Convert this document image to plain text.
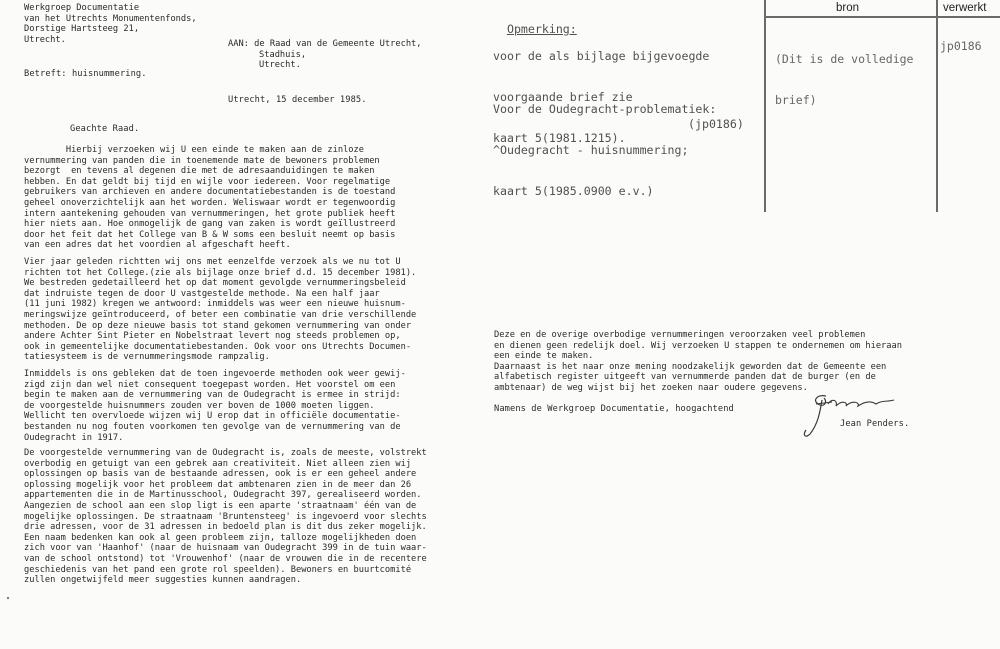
Werkgroep Documentatie
van het Utrechts Monumentenfonds,
Dorstige Hartsteeg 21,
Utrecht.	AAN: de Raad van de Gemeente Utrecht,
Stadhuis,
Utrecht.
Betreft: huisnummering.
Utrecht, 15 december 1985.
Geachte Raad.
Hierbij verzoeken wij U een einde te maken aan de zinloze
vernummering van panden die in toenemende mate de bewoners problemen
bezorgt  en tevens al degenen die met de adresaanduidingen te maken
hebben. En dat geldt bij tijd en wijle voor iedereen. Voor regelmatige
gebruikers van archieven en andere documentatiebestanden is de toestand
geheel onoverzichtelijk aan het worden. Weliswaar wordt er tegenwoordig
intern aantekening gehouden van vernummeringen, het grote publiek heeft
hier niets aan. Hoe onmogelijk de gang van zaken is wordt geïllustreerd
door het feit dat het College van B & W soms een besluit neemt op basis
van een adres dat het voordien al afgeschaft heeft.
Vier jaar geleden richtten wij ons met eenzelfde verzoek als we nu tot U
richten tot het College.(zie als bijlage onze brief d.d. 15 december 1981).
We bestreden gedetailleerd het op dat moment gevolgde vernummeringsbeleid
dat indruiste tegen de door U vastgestelde methode. Na een half jaar
(11 juni 1982) kregen we antwoord: inmiddels was weer een nieuwe huisnum-
meringswijze geïntroduceerd, of beter een combinatie van drie verschillende
methoden. De op deze nieuwe basis tot stand gekomen vernummering van onder
andere Achter Sint Pieter en Nobelstraat levert nog steeds problemen op,
ook in gemeentelijke documentatiebestanden. Ook voor ons Utrechts Documen-
tatiesysteem is de vernummeringsmode rampzalig.
Inmiddels is ons gebleken dat de toen ingevoerde methoden ook weer gewij-
zigd zijn dan wel niet consequent toegepast worden. Het voorstel om een
begin te maken aan de vernummering van de Oudegracht is ermee in strijd:
de voorgestelde huisnummers zouden ver boven de 1000 moeten liggen.
Wellicht ten overvloede wijzen wij U erop dat in officiële documentatie-
bestanden nu nog fouten voorkomen ten gevolge van de vernummering van de
Oudegracht in 1917.
De voorgestelde vernummering van de Oudegracht is, zoals de meeste, volstrekt
overbodig en getuigt van een gebrek aan creativiteit. Niet alleen zien wij
oplossingen op basis van de bestaande adressen, ook is er een geheel andere
oplossing mogelijk voor het probleem dat ambtenaren zien in de meer dan 26
appartementen die in de Martinusschool, Oudegracht 397, gerealiseerd worden.
Aangezien de school aan een slop ligt is een aparte 'straatnaam' één van de
mogelijke oplossingen. De straatnaam 'Bruntensteeg' is ingevoerd voor slechts
drie adressen, voor de 31 adressen in bedoeld plan is dit dus zeker mogelijk.
Een naam bedenken kan ook al geen probleem zijn, talloze mogelijkheden doen
zich voor van 'Haanhof' (naar de huisnaam van Oudegracht 399 in de tuin waar-
van de school ontstond) tot 'Vrouwenhof' (naar de vrouwen die in de recentere
geschiedenis van het pand een grote rol speelden). Bewoners en buurtcomité
zullen ongetwijfeld meer suggesties kunnen aandragen.
Deze en de overige overbodige vernummeringen veroorzaken veel problemen
en dienen geen redelijk doel. Wij verzoeken U stappen te ondernemen om hieraan
een einde te maken.
Daarnaast is het naar onze mening noodzakelijk geworden dat de Gemeente een
alfabetisch register uitgeeft van vernummerde panden dat de burger (en de
ambtenaar) de weg wijst bij het zoeken naar oudere gegevens.
Namens de Werkgroep Documentatie, hoogachtend
Jean Penders.

Opmerking:

voor de als bijlage bijgevoegde

voorgaande brief zie

kaart 5(1981.1215).

Voor de Oudegracht-problematiek:

^Oudegracht - huisnummering;

kaart 5(1985.0900 e.v.)

(jp0186)
bron	verwerkt

(Dit is de volledige

brief)

jp0186
